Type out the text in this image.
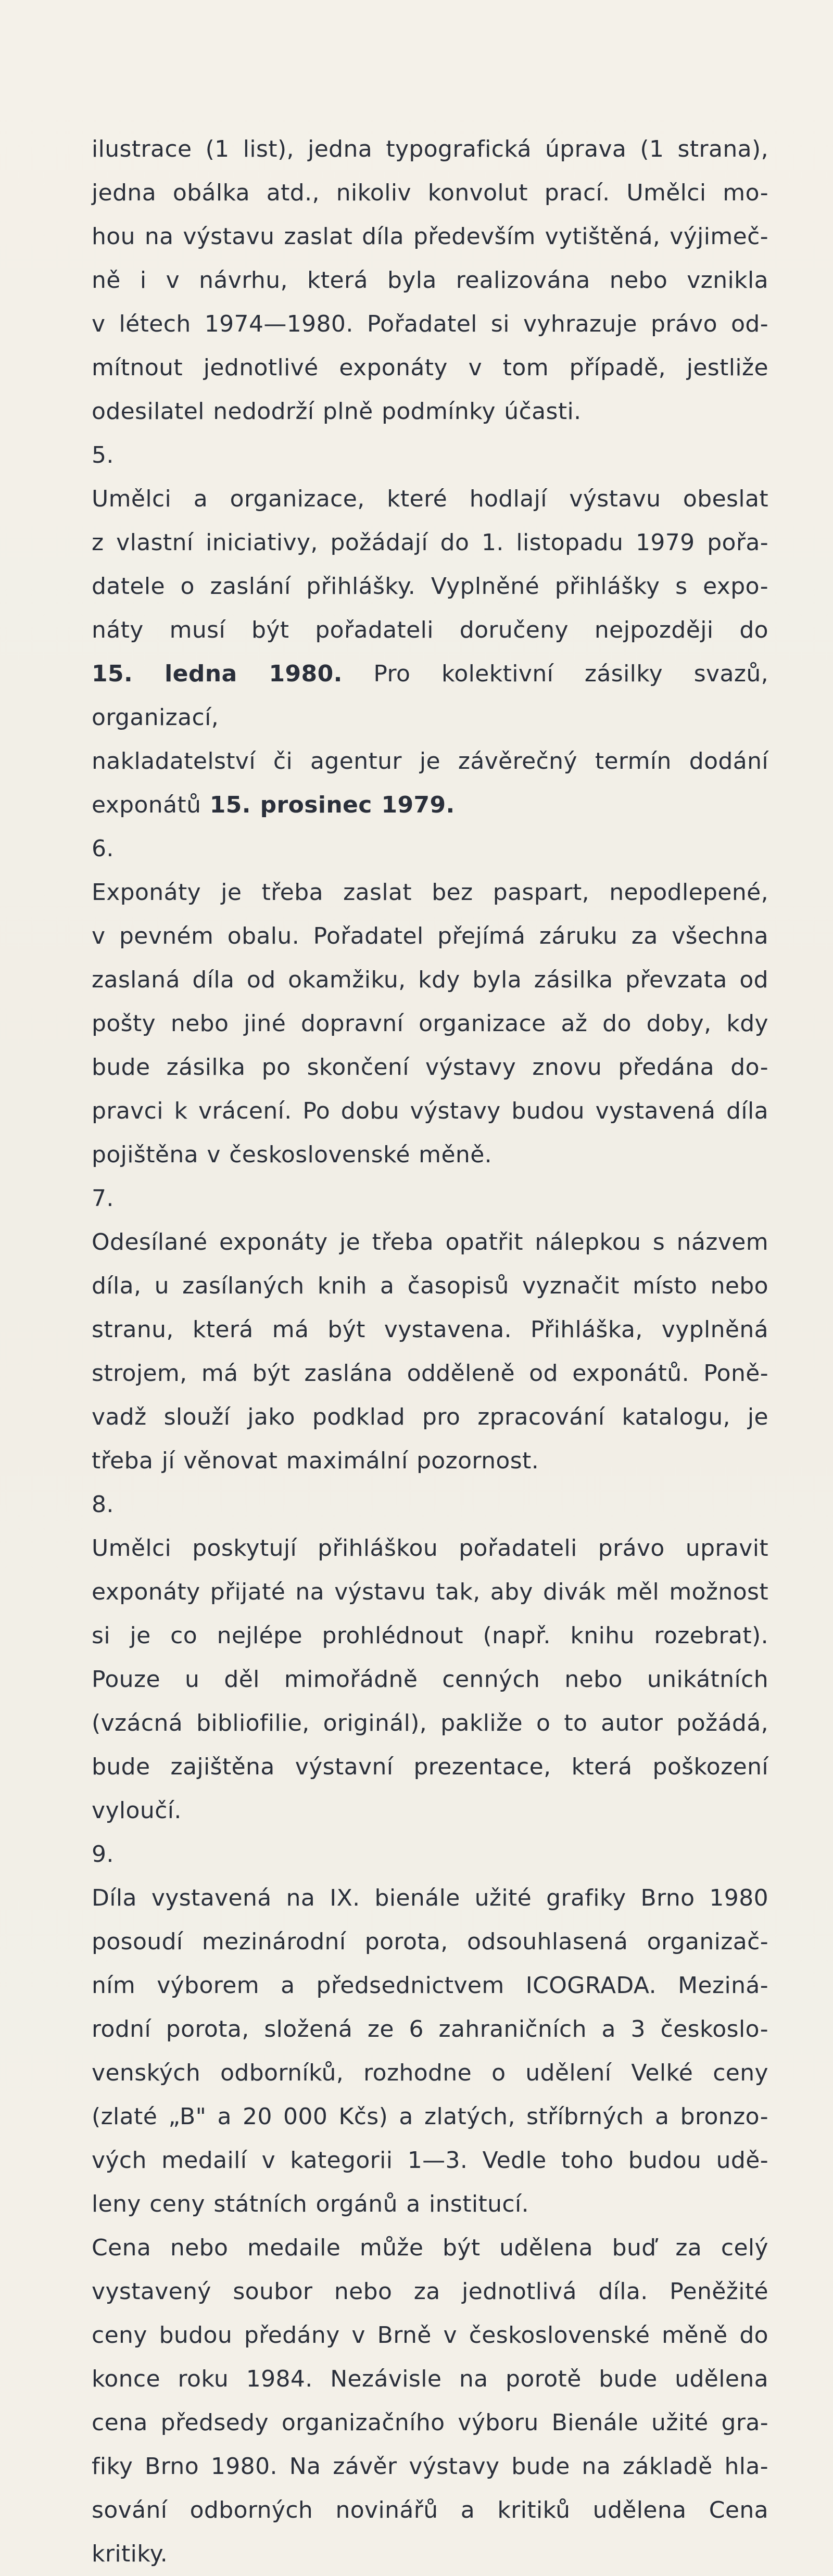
ilustrace (1 list), jedna typografická úprava (1 strana),
jedna obálka atd., nikoliv konvolut prací. Umělci mo-
hou na výstavu zaslat díla především vytištěná, výjimeč-
ně i v návrhu, která byla realizována nebo vznikla
v létech 1974—1980. Pořadatel si vyhrazuje právo od-
mítnout jednotlivé exponáty v tom případě, jestliže
odesilatel nedodrží plně podmínky účasti.
5.
Umělci a organizace, které hodlají výstavu obeslat
z vlastní iniciativy, požádají do 1. listopadu 1979 pořa-
datele o zaslání přihlášky. Vyplněné přihlášky s expo-
náty musí být pořadateli doručeny nejpozději do
15. ledna 1980. Pro kolektivní zásilky svazů, organizací,
nakladatelství či agentur je závěrečný termín dodání
exponátů 15. prosinec 1979.
6.
Exponáty je třeba zaslat bez paspart, nepodlepené,
v pevném obalu. Pořadatel přejímá záruku za všechna
zaslaná díla od okamžiku, kdy byla zásilka převzata od
pošty nebo jiné dopravní organizace až do doby, kdy
bude zásilka po skončení výstavy znovu předána do-
pravci k vrácení. Po dobu výstavy budou vystavená díla
pojištěna v československé měně.
7.
Odesílané exponáty je třeba opatřit nálepkou s názvem
díla, u zasílaných knih a časopisů vyznačit místo nebo
stranu, která má být vystavena. Přihláška, vyplněná
strojem, má být zaslána odděleně od exponátů. Poně-
vadž slouží jako podklad pro zpracování katalogu, je
třeba jí věnovat maximální pozornost.
8.
Umělci poskytují přihláškou pořadateli právo upravit
exponáty přijaté na výstavu tak, aby divák měl možnost
si je co nejlépe prohlédnout (např. knihu rozebrat).
Pouze u děl mimořádně cenných nebo unikátních
(vzácná bibliofilie, originál), pakliže o to autor požádá,
bude zajištěna výstavní prezentace, která poškození
vyloučí.
9.
Díla vystavená na IX. bienále užité grafiky Brno 1980
posoudí mezinárodní porota, odsouhlasená organizač-
ním výborem a předsednictvem ICOGRADA. Meziná-
rodní porota, složená ze 6 zahraničních a 3 českoslo-
venských odborníků, rozhodne o udělení Velké ceny
(zlaté „B" a 20 000 Kčs) a zlatých, stříbrných a bronzo-
vých medailí v kategorii 1—3. Vedle toho budou udě-
leny ceny státních orgánů a institucí.
Cena nebo medaile může být udělena buď za celý
vystavený soubor nebo za jednotlivá díla. Peněžité
ceny budou předány v Brně v československé měně do
konce roku 1984. Nezávisle na porotě bude udělena
cena předsedy organizačního výboru Bienále užité gra-
fiky Brno 1980. Na závěr výstavy bude na základě hla-
sování odborných novinářů a kritiků udělena Cena
kritiky.
